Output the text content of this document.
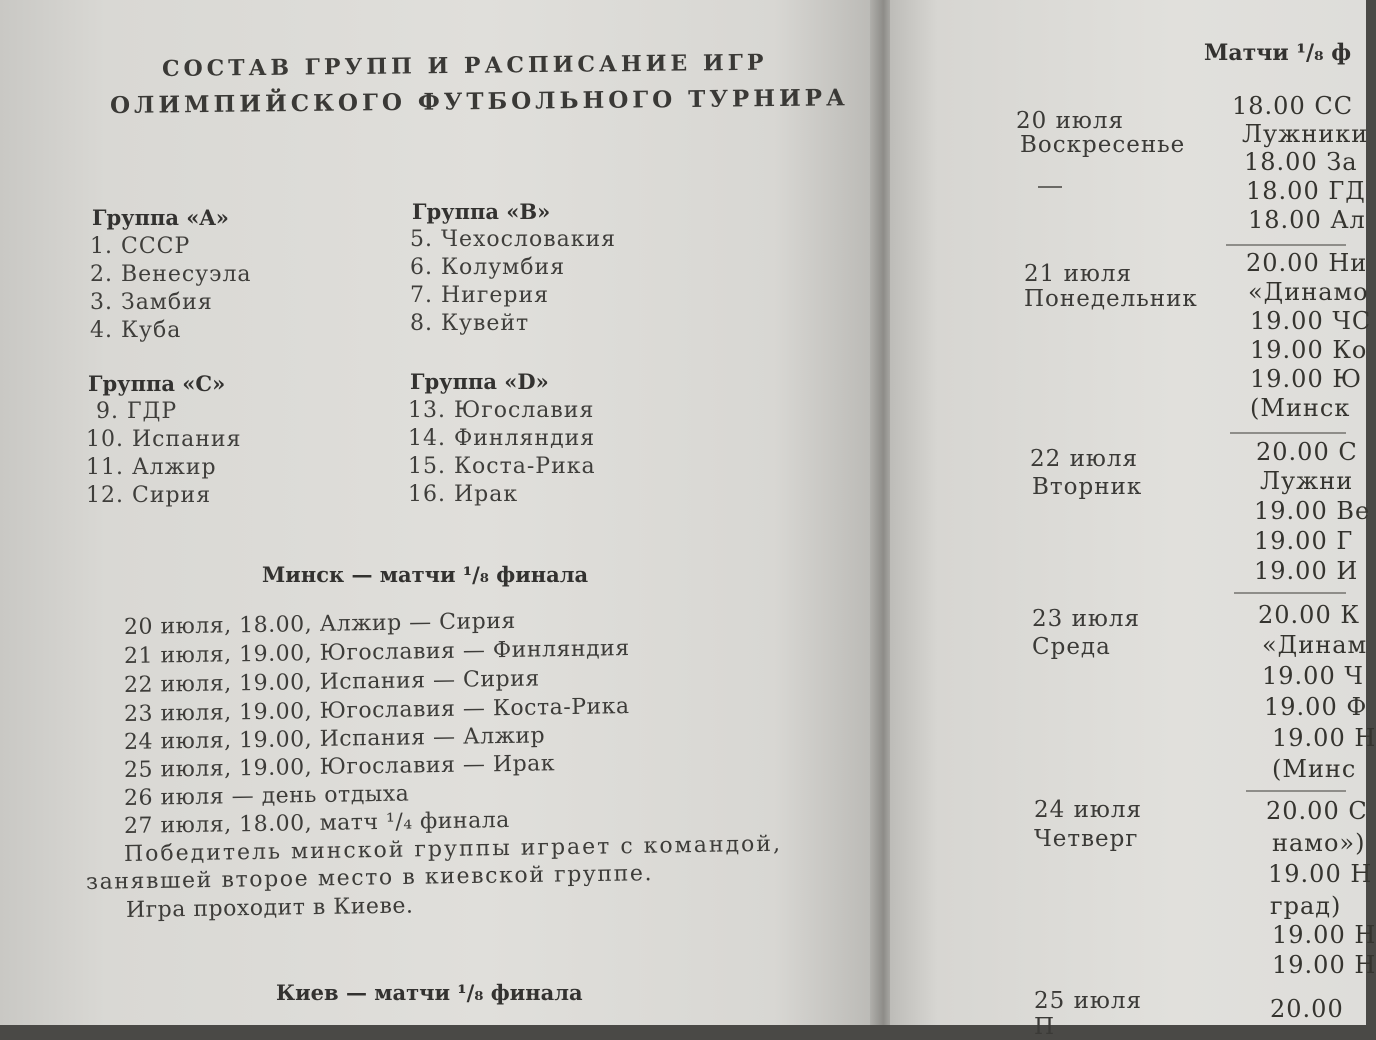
СОСТАВ ГРУПП И РАСПИСАНИЕ ИГР
ОЛИМПИЙСКОГО ФУТБОЛЬНОГО ТУРНИРА
Группа «A»
1. СССР
2. Венесуэла
3. Замбия
4. Куба
Группа «B»
5. Чехословакия
6. Колумбия
7. Нигерия
8. Кувейт
Группа «C»
9. ГДР
10. Испания
11. Алжир
12. Сирия
Группа «D»
13. Югославия
14. Финляндия
15. Коста-Рика
16. Ирак
Минск — матчи ¹/₈ финала
20 июля, 18.00, Алжир — Сирия
21 июля, 19.00, Югославия — Финляндия
22 июля, 19.00, Испания — Сирия
23 июля, 19.00, Югославия — Коста-Рика
24 июля, 19.00, Испания — Алжир
25 июля, 19.00, Югославия — Ирак
26 июля — день отдыха
27 июля, 18.00, матч ¹/₄ финала
Победитель минской группы играет с командой,
занявшей второе место в киевской группе.
Игра проходит в Киеве.
Киев — матчи ¹/₈ финала
Матчи ¹/₈ ф
20 июля
Воскресенье
18.00 СС
Лужники
18.00 За
18.00 ГД
18.00 Ал
21 июля
Понедельник
20.00 Ни
«Динамо
19.00 ЧС
19.00 Ко
19.00 Ю
(Минск
22 июля
Вторник
20.00 С
Лужни
19.00 Ве
19.00 Г
19.00 И
23 июля
Среда
20.00 К
«Динам
19.00 Ч
19.00 Ф
19.00 Н
(Минс
24 июля
Четверг
20.00 С
намо»)
19.00 Н
град)
19.00 Н
19.00 Н
25 июля
П
20.00
